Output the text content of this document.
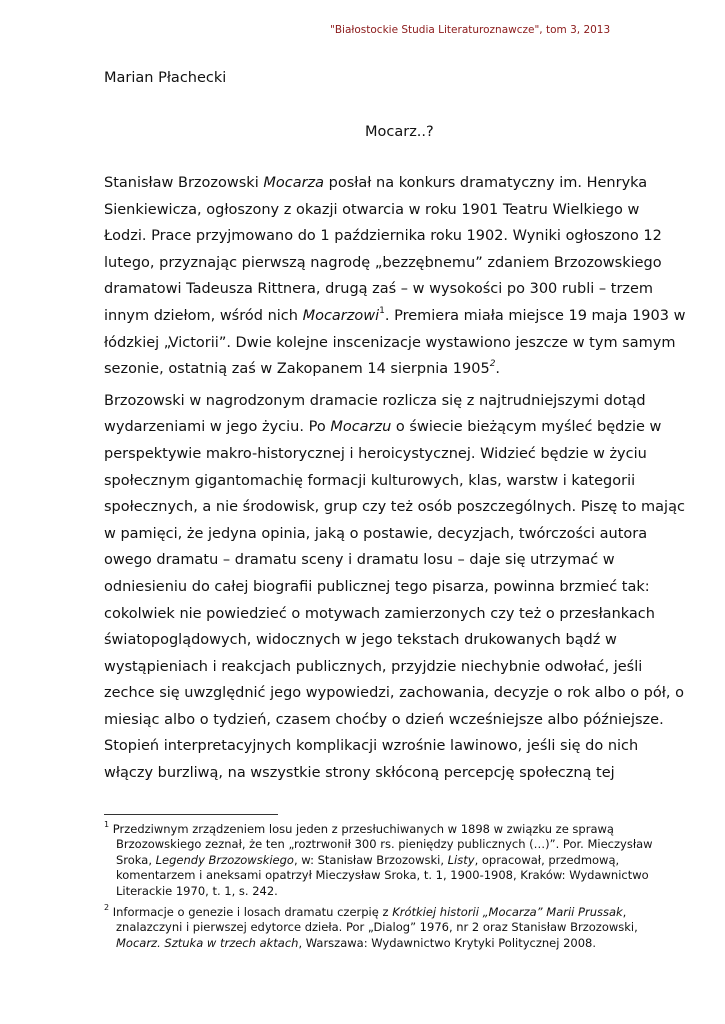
"Białostockie Studia Literaturoznawcze", tom 3, 2013
Marian Płachecki
Mocarz..?
Stanisław Brzozowski Mocarza posłał na konkurs dramatyczny im. Henryka
Sienkiewicza, ogłoszony z okazji otwarcia w roku 1901 Teatru Wielkiego w
Łodzi. Prace przyjmowano do 1 października roku 1902. Wyniki ogłoszono 12
lutego, przyznając pierwszą nagrodę „bezzębnemu” zdaniem Brzozowskiego
dramatowi Tadeusza Rittnera, drugą zaś – w wysokości po 300 rubli – trzem
innym dziełom, wśród nich Mocarzowi$^1$. Premiera miała miejsce 19 maja 1903 w
łódzkiej „Victorii”. Dwie kolejne inscenizacje wystawiono jeszcze w tym samym
sezonie, ostatnią zaś w Zakopanem 14 sierpnia 1905$^2$.
Brzozowski w nagrodzonym dramacie rozlicza się z najtrudniejszymi dotąd
wydarzeniami w jego życiu. Po Mocarzu o świecie bieżącym myśleć będzie w
perspektywie makro-historycznej i heroicystycznej. Widzieć będzie w życiu
społecznym gigantomachię formacji kulturowych, klas, warstw i kategorii
społecznych, a nie środowisk, grup czy też osób poszczególnych. Piszę to mając
w pamięci, że jedyna opinia, jaką o postawie, decyzjach, twórczości autora
owego dramatu – dramatu sceny i dramatu losu – daje się utrzymać w
odniesieniu do całej biografii publicznej tego pisarza, powinna brzmieć tak:
cokolwiek nie powiedzieć o motywach zamierzonych czy też o przesłankach
światopoglądowych, widocznych w jego tekstach drukowanych bądź w
wystąpieniach i reakcjach publicznych, przyjdzie niechybnie odwołać, jeśli
zechce się uwzględnić jego wypowiedzi, zachowania, decyzje o rok albo o pół, o
miesiąc albo o tydzień, czasem choćby o dzień wcześniejsze albo późniejsze.
Stopień interpretacyjnych komplikacji wzrośnie lawinowo, jeśli się do nich
włączy burzliwą, na wszystkie strony skłóconą percepcję społeczną tej
$^1$ Przedziwnym zrządzeniem losu jeden z przesłuchiwanych w 1898 w związku ze sprawą
Brzozowskiego zeznał, że ten „roztrwonił 300 rs. pieniędzy publicznych (…)”. Por. Mieczysław
Sroka, Legendy Brzozowskiego, w: Stanisław Brzozowski, Listy, opracował, przedmową,
komentarzem i aneksami opatrzył Mieczysław Sroka, t. 1, 1900-1908, Kraków: Wydawnictwo
Literackie 1970, t. 1, s. 242.
$^2$ Informacje o genezie i losach dramatu czerpię z Krótkiej historii „Mocarza” Marii Prussak,
znalazczyni i pierwszej edytorce dzieła. Por „Dialog” 1976, nr 2 oraz Stanisław Brzozowski,
Mocarz. Sztuka w trzech aktach, Warszawa: Wydawnictwo Krytyki Politycznej 2008.
